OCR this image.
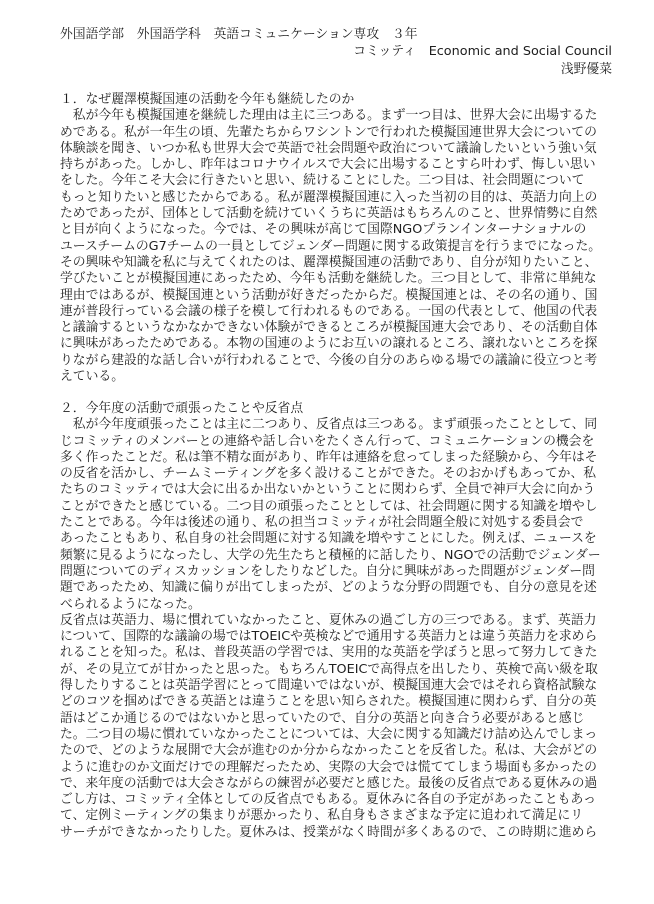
外国語学部　外国語学科　英語コミュニケーション専攻　３年
コミッティ　Economic and Social Council
浅野優菜
１．なぜ麗澤模擬国連の活動を今年も継続したのか
　私が今年も模擬国連を継続した理由は主に三つある。まず一つ目は、世界大会に出場するた
めである。私が一年生の頃、先輩たちからワシントンで行われた模擬国連世界大会についての
体験談を聞き、いつか私も世界大会で英語で社会問題や政治について議論したいという強い気
持ちがあった。しかし、昨年はコロナウイルスで大会に出場することすら叶わず、悔しい思い
をした。今年こそ大会に行きたいと思い、続けることにした。二つ目は、社会問題について
もっと知りたいと感じたからである。私が麗澤模擬国連に入った当初の目的は、英語力向上の
ためであったが、団体として活動を続けていくうちに英語はもちろんのこと、世界情勢に自然
と目が向くようになった。今では、その興味が高じて国際NGOプランインターナショナルの
ユースチームのG7チームの一員としてジェンダー問題に関する政策提言を行うまでになった。
その興味や知識を私に与えてくれたのは、麗澤模擬国連の活動であり、自分が知りたいこと、
学びたいことが模擬国連にあったため、今年も活動を継続した。三つ目として、非常に単純な
理由ではあるが、模擬国連という活動が好きだったからだ。模擬国連とは、その名の通り、国
連が普段行っている会議の様子を模して行われるものである。一国の代表として、他国の代表
と議論するというなかなかできない体験ができるところが模擬国連大会であり、その活動自体
に興味があったためである。本物の国連のようにお互いの譲れるところ、譲れないところを探
りながら建設的な話し合いが行われることで、今後の自分のあらゆる場での議論に役立つと考
えている。
２．今年度の活動で頑張ったことや反省点
　私が今年度頑張ったことは主に二つあり、反省点は三つある。まず頑張ったこととして、同
じコミッティのメンバーとの連絡や話し合いをたくさん行って、コミュニケーションの機会を
多く作ったことだ。私は筆不精な面があり、昨年は連絡を怠ってしまった経験から、今年はそ
の反省を活かし、チームミーティングを多く設けることができた。そのおかげもあってか、私
たちのコミッティでは大会に出るか出ないかということに関わらず、全員で神戸大会に向かう
ことができたと感じている。二つ目の頑張ったこととしては、社会問題に関する知識を増やし
たことである。今年は後述の通り、私の担当コミッティが社会問題全般に対処する委員会で
あったこともあり、私自身の社会問題に対する知識を増やすことにした。例えば、ニュースを
頻繁に見るようになったし、大学の先生たちと積極的に話したり、NGOでの活動でジェンダー
問題についてのディスカッションをしたりなどした。自分に興味があった問題がジェンダー問
題であったため、知識に偏りが出てしまったが、どのような分野の問題でも、自分の意見を述
べられるようになった。
反省点は英語力、場に慣れていなかったこと、夏休みの過ごし方の三つである。まず、英語力
について、国際的な議論の場ではTOEICや英検などで通用する英語力とは違う英語力を求めら
れることを知った。私は、普段英語の学習では、実用的な英語を学ぼうと思って努力してきた
が、その見立てが甘かったと思った。もちろんTOEICで高得点を出したり、英検で高い級を取
得したりすることは英語学習にとって間違いではないが、模擬国連大会ではそれら資格試験な
どのコツを掴めばできる英語とは違うことを思い知らされた。模擬国連に関わらず、自分の英
語はどこか通じるのではないかと思っていたので、自分の英語と向き合う必要があると感じ
た。二つ目の場に慣れていなかったことについては、大会に関する知識だけ詰め込んでしまっ
たので、どのような展開で大会が進むのか分からなかったことを反省した。私は、大会がどの
ように進むのか文面だけでの理解だったため、実際の大会では慌ててしまう場面も多かったの
で、来年度の活動では大会さながらの練習が必要だと感じた。最後の反省点である夏休みの過
ごし方は、コミッティ全体としての反省点でもある。夏休みに各自の予定があったこともあっ
て、定例ミーティングの集まりが悪かったり、私自身もさまざまな予定に追われて満足にリ
サーチができなかったりした。夏休みは、授業がなく時間が多くあるので、この時期に進めら
